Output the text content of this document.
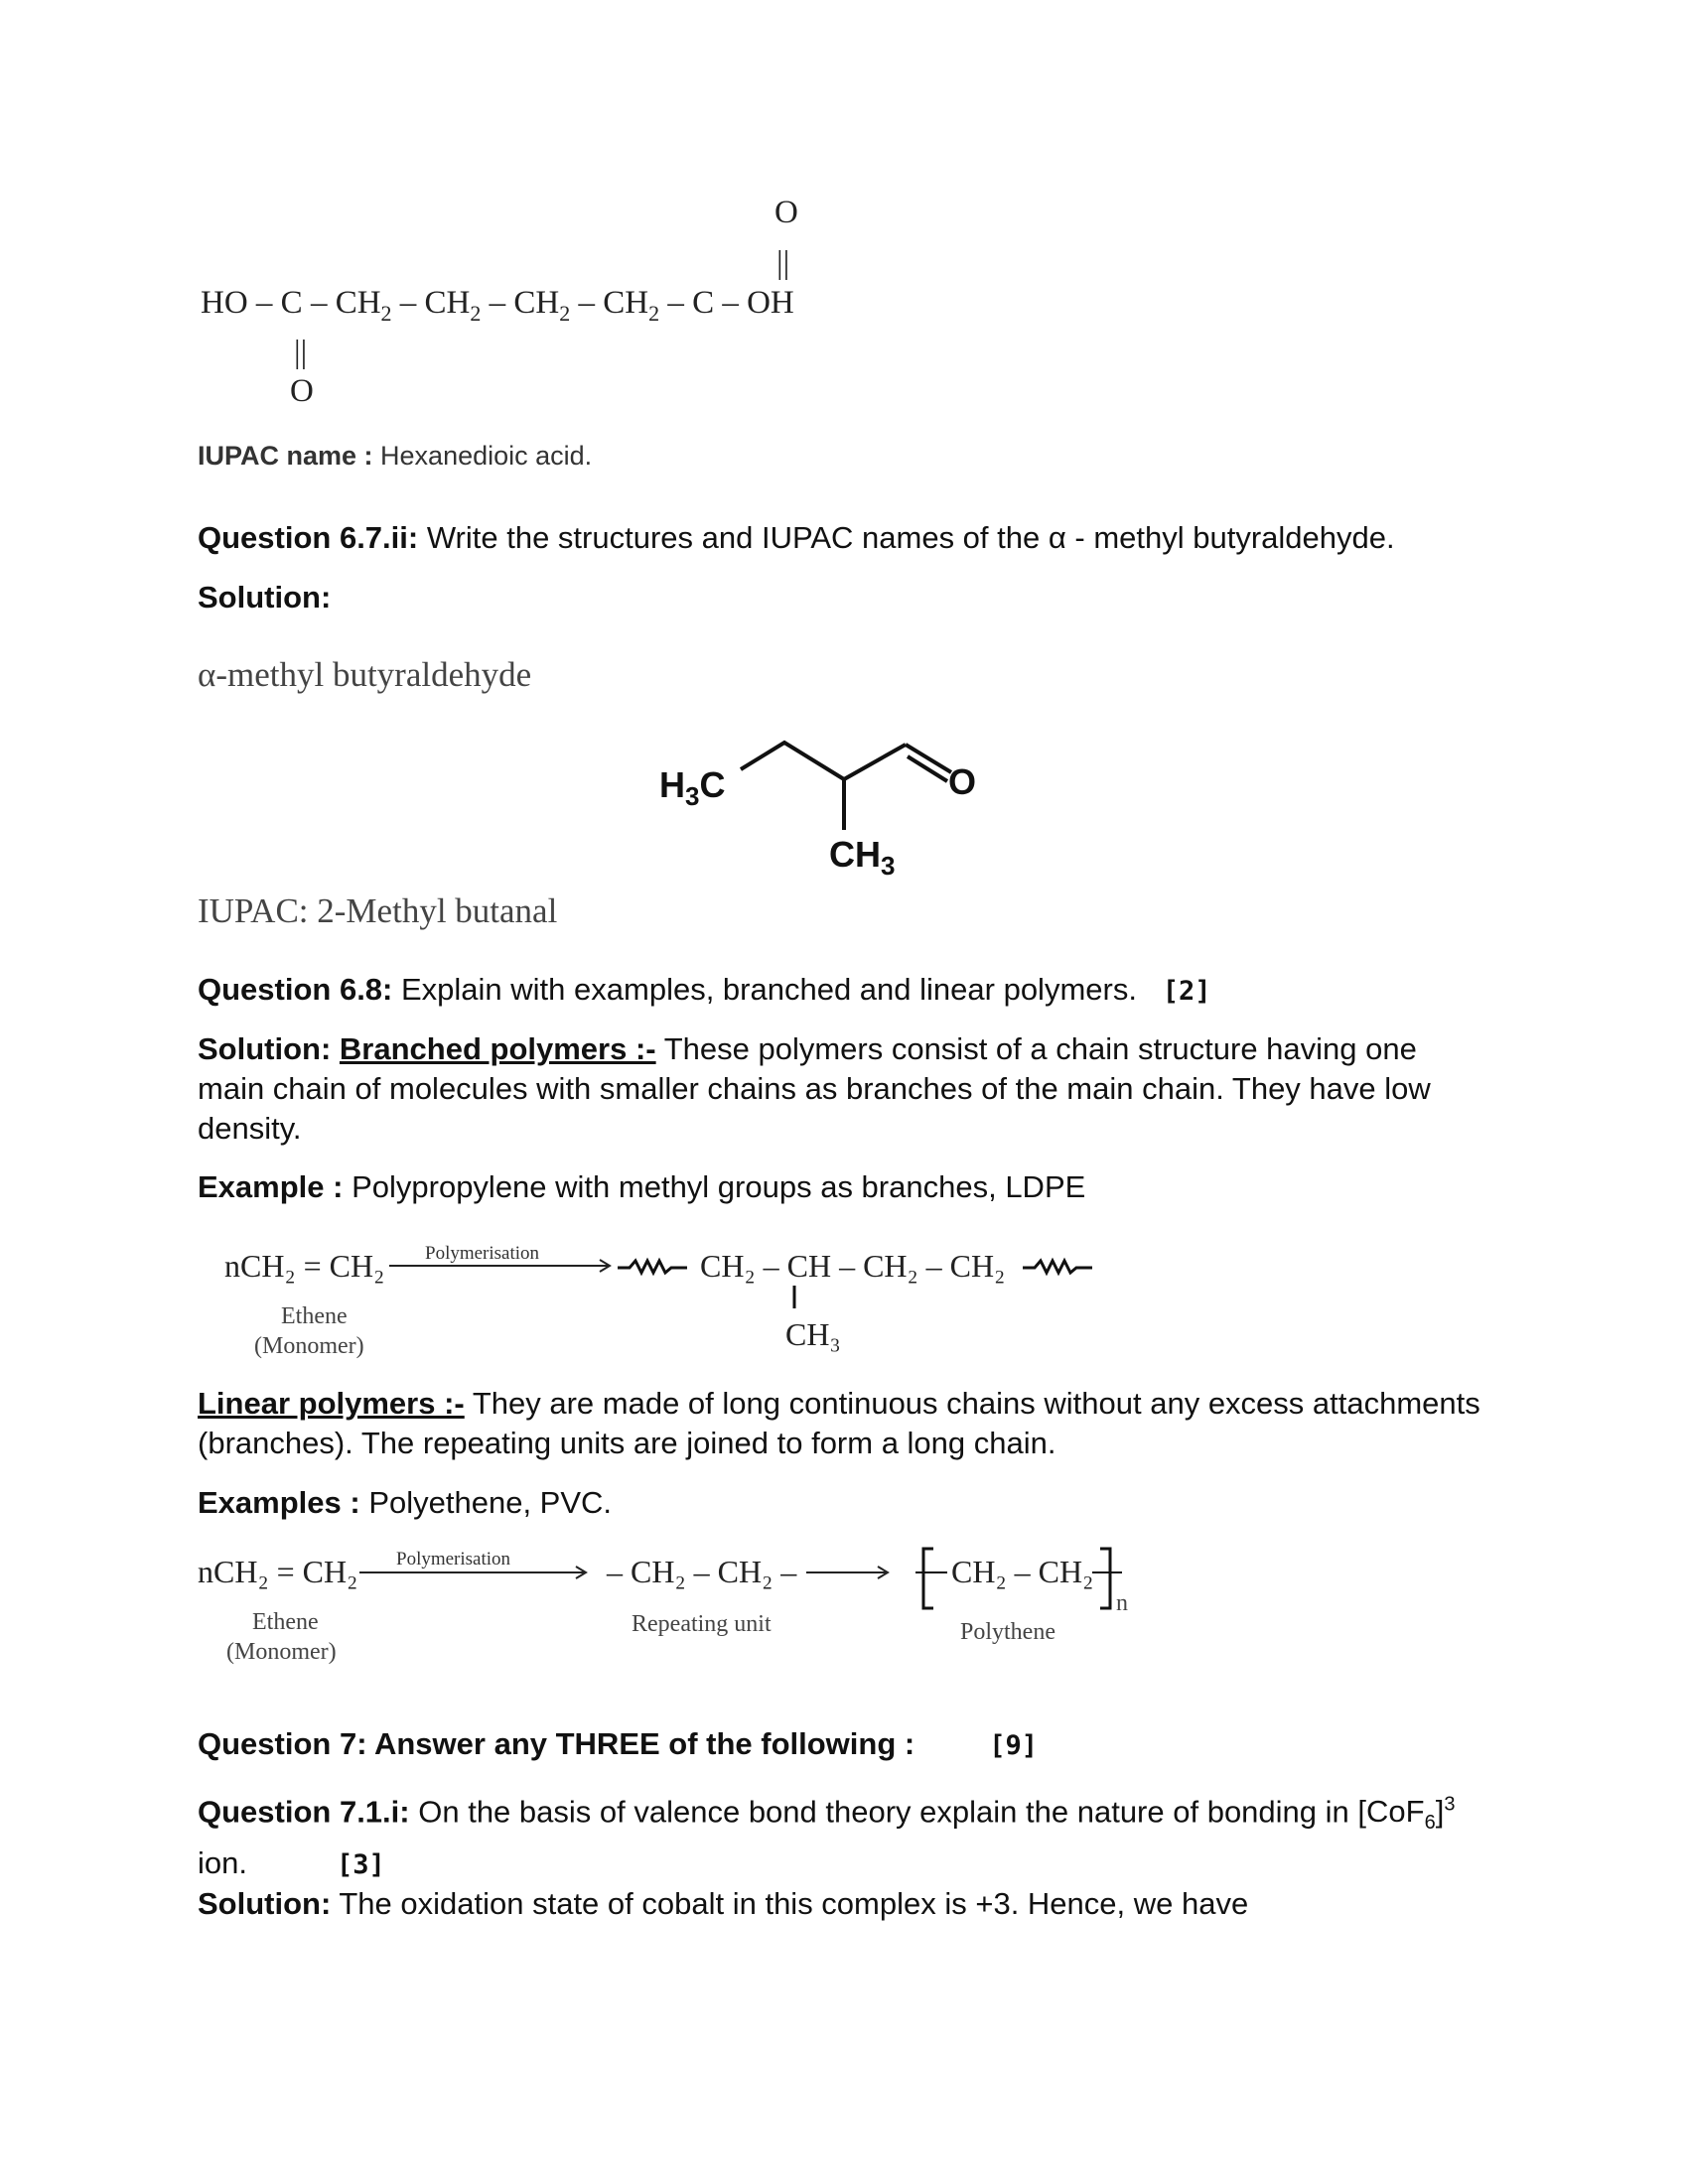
O
||
HO – C – $CH_2 - CH_2 - CH_2 - CH_2$ – C – OH
||
O
$H_3C$	O
$CH_3$
nCH₂ = CH₂ Polymerisation	CH₂ – CH – CH₂ – CH₂
CH₃
Ethene
(Monomer)
nCH₂ = CH₂ Polymerisation	– CH₂ – CH₂ –	CH₂ – CH₂
n
Ethene
(Monomer)
Repeating unit	Polythene
IUPAC name : Hexanedioic acid.
Question 6.7.ii: Write the structures and IUPAC names of the α - methyl butyraldehyde.
Solution:
α-methyl butyraldehyde
IUPAC: 2-Methyl butanal
Question 6.8: Explain with examples, branched and linear polymers. [2]
Solution: Branched polymers :- These polymers consist of a chain structure having one main chain of molecules with smaller chains as branches of the main chain. They have low density.
Example : Polypropylene with methyl groups as branches, LDPE
Linear polymers :- They are made of long continuous chains without any excess attachments (branches). The repeating units are joined to form a long chain.
Examples : Polyethene, PVC.
Question 7: Answer any THREE of the following :	[9]
Question 7.1.i: On the basis of valence bond theory explain the nature of bonding in $[CoF_6]^3$ ion.	[3]
Solution: The oxidation state of cobalt in this complex is +3. Hence, we have
